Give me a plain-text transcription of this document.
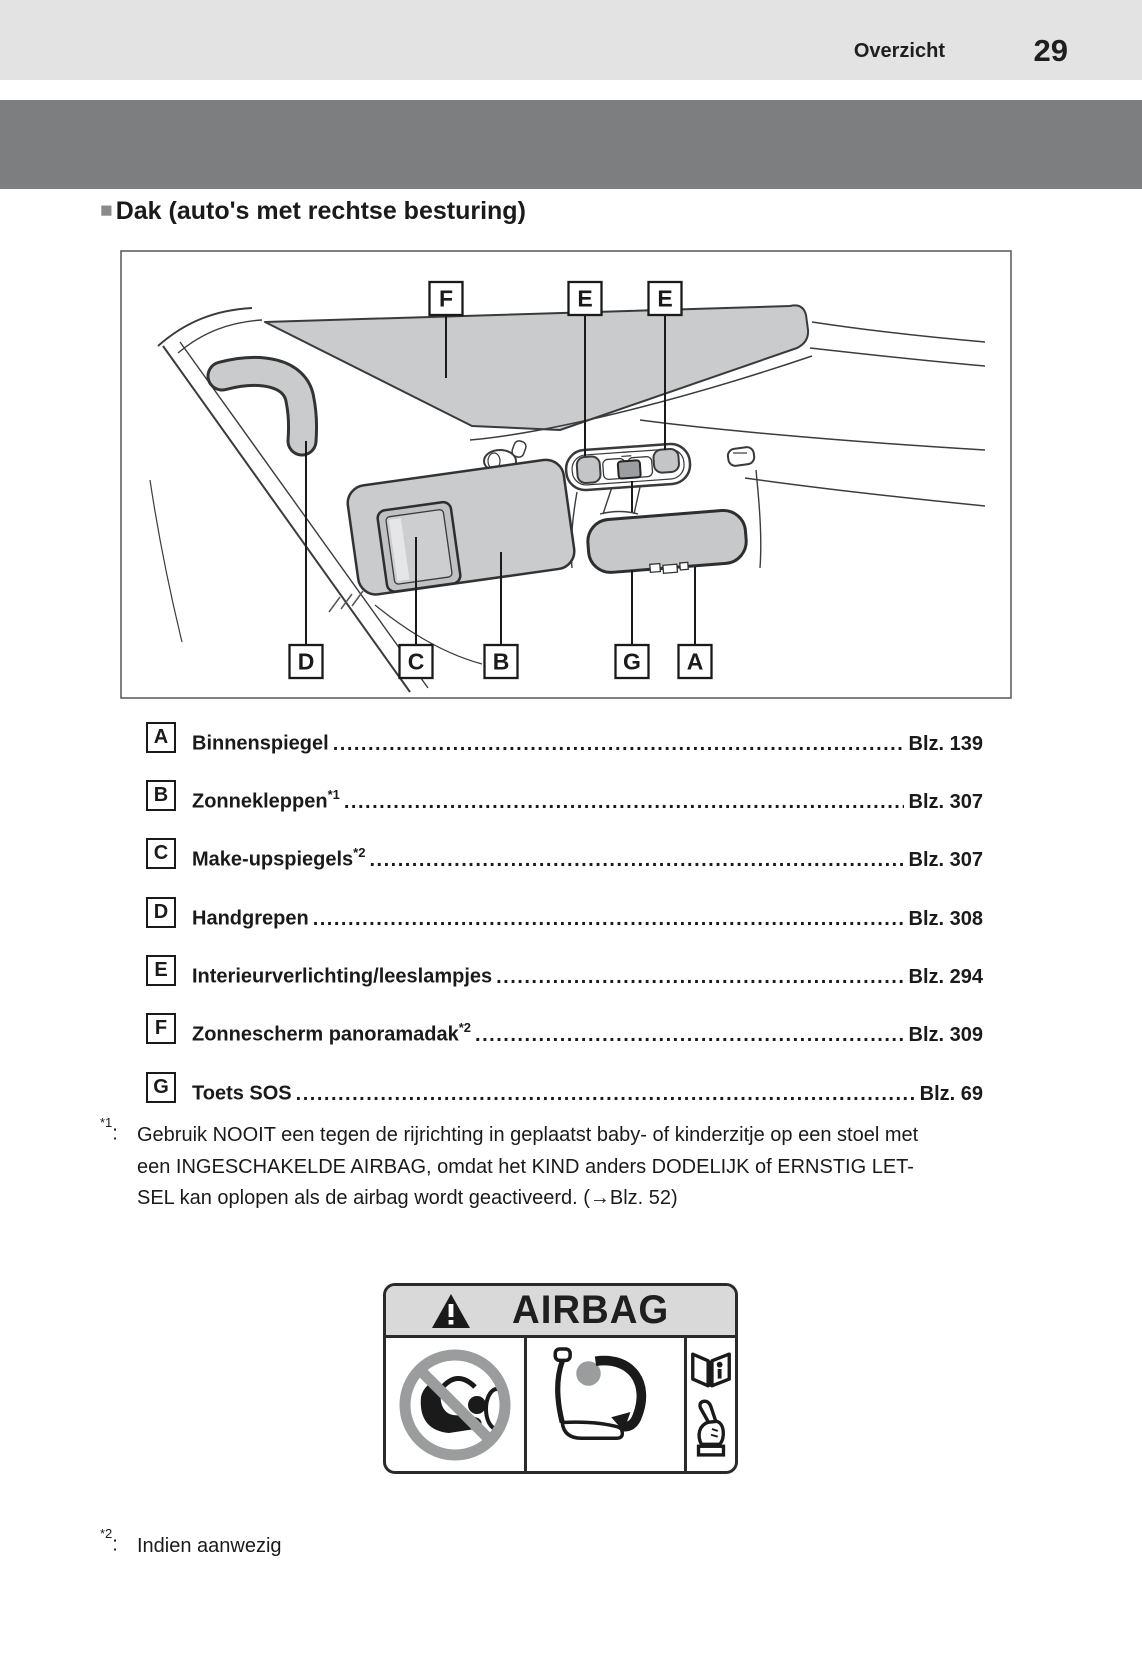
Overzicht	29
■ Dak (auto's met rechtse besturing)
F	E	E
D	C	B	G A
A	Binnenspiegel .....	Blz. 139
B	Zonnekleppen$^{*1}$ .....	Blz. 307
C	Make-upspiegels$^{*2}$ .....	Blz. 307
D	Handgrepen .....	Blz. 308
E	Interieurverlichting/leeslampjes .....	Blz. 294
F	Zonnescherm panoramadak$^{*2}$ .....	Blz. 309
G	Toets SOS .....	Blz. 69
$^{*1}$: Gebruik NOOIT een tegen de rijrichting in geplaatst baby- of kinderzitje op een stoel met
een INGESCHAKELDE AIRBAG, omdat het KIND anders DODELIJK of ERNSTIG LET-
SEL kan oplopen als de airbag wordt geactiveerd. (→Blz. 52)
AIRBAG
$^{*2}$: Indien aanwezig
